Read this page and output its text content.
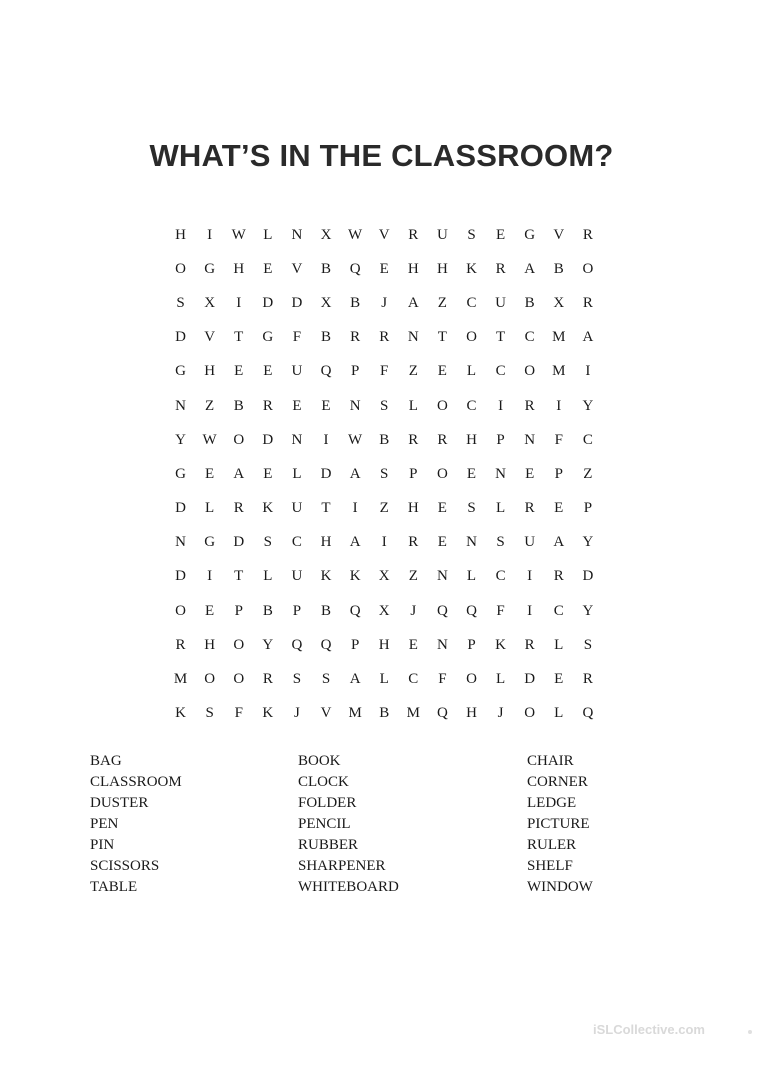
WHAT’S IN THE CLASSROOM?
H	I	W	L	N	X	W	V	R	U	S	E	G	V	R
O	G	H	E	V	B	Q	E	H	H	K	R	A	B	O
S	X	I	D	D	X	B	J	A	Z	C	U	B	X	R
D	V	T	G	F	B	R	R	N	T	O	T	C	M	A
G	H	E	E	U	Q	P	F	Z	E	L	C	O	M	I
N	Z	B	R	E	E	N	S	L	O	C	I	R	I	Y
Y	W	O	D	N	I	W	B	R	R	H	P	N	F	C
G	E	A	E	L	D	A	S	P	O	E	N	E	P	Z
D	L	R	K	U	T	I	Z	H	E	S	L	R	E	P
N	G	D	S	C	H	A	I	R	E	N	S	U	A	Y
D	I	T	L	U	K	K	X	Z	N	L	C	I	R	D
O	E	P	B	P	B	Q	X	J	Q	Q	F	I	C	Y
R	H	O	Y	Q	Q	P	H	E	N	P	K	R	L	S
M	O	O	R	S	S	A	L	C	F	O	L	D	E	R
K	S	F	K	J	V	M	B	M	Q	H	J	O	L	Q
BAG
CLASSROOM
DUSTER
PEN
PIN
SCISSORS
TABLE
BOOK
CLOCK
FOLDER
PENCIL
RUBBER
SHARPENER
WHITEBOARD
CHAIR
CORNER
LEDGE
PICTURE
RULER
SHELF
WINDOW
iSLCollective.com
